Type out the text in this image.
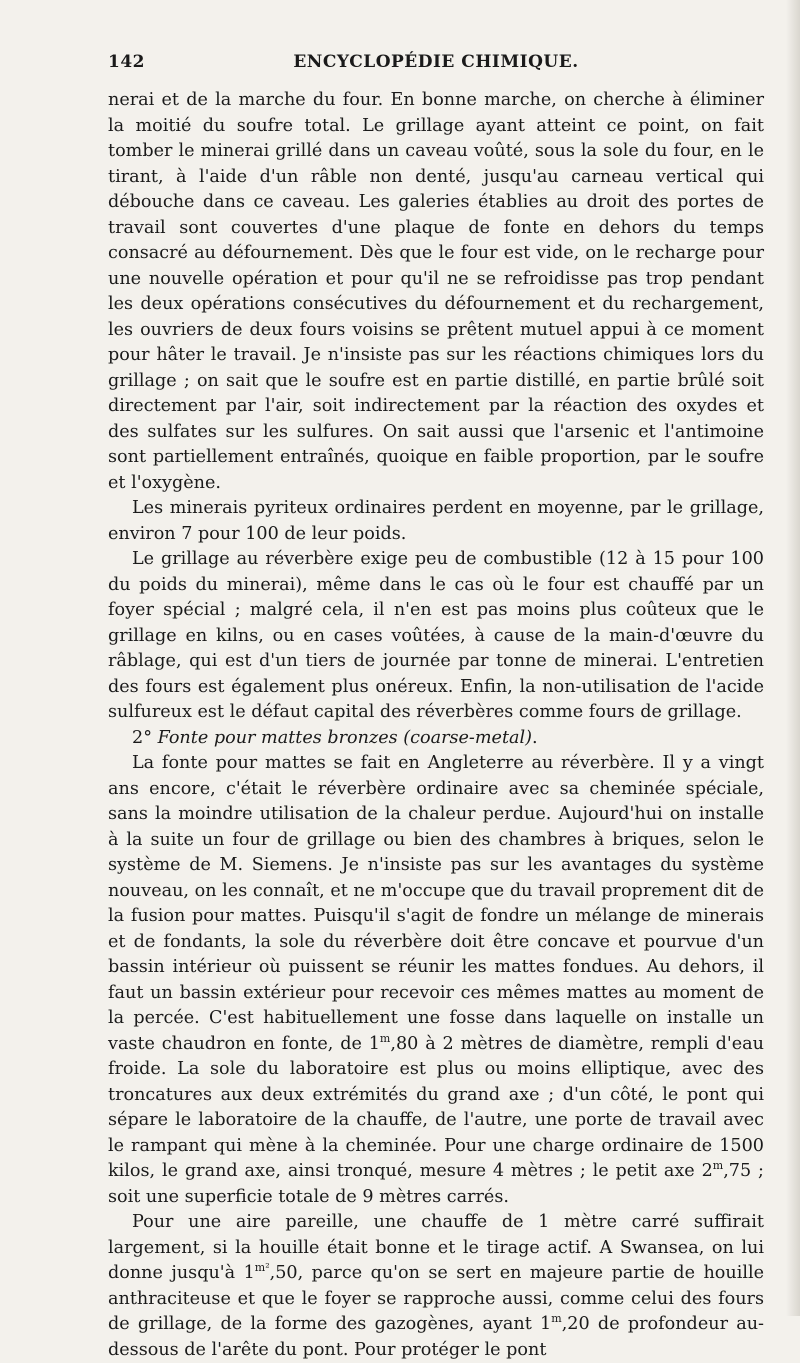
142	ENCYCLOPÉDIE CHIMIQUE.

nerai et de la marche du four. En bonne marche, on cherche à éliminer la moitié du soufre total. Le grillage ayant atteint ce point, on fait tomber le minerai grillé dans un caveau voûté, sous la sole du four, en le tirant, à l'aide d'un râble non denté, jusqu'au carneau vertical qui débouche dans ce caveau. Les galeries établies au droit des portes de travail sont couvertes d'une plaque de fonte en dehors du temps consacré au défournement. Dès que le four est vide, on le recharge pour une nouvelle opération et pour qu'il ne se refroidisse pas trop pendant les deux opérations consécutives du défournement et du rechargement, les ouvriers de deux fours voisins se prêtent mutuel appui à ce moment pour hâter le travail. Je n'insiste pas sur les réactions chimiques lors du grillage ; on sait que le soufre est en partie distillé, en partie brûlé soit directement par l'air, soit indirectement par la réaction des oxydes et des sulfates sur les sulfures. On sait aussi que l'arsenic et l'antimoine sont partiellement entraînés, quoique en faible proportion, par le soufre et l'oxygène.

Les minerais pyriteux ordinaires perdent en moyenne, par le grillage, environ 7 pour 100 de leur poids.

Le grillage au réverbère exige peu de combustible (12 à 15 pour 100 du poids du minerai), même dans le cas où le four est chauffé par un foyer spécial ; malgré cela, il n'en est pas moins plus coûteux que le grillage en kilns, ou en cases voûtées, à cause de la main-d'œuvre du râblage, qui est d'un tiers de journée par tonne de minerai. L'entretien des fours est également plus onéreux. Enfin, la non-utilisation de l'acide sulfureux est le défaut capital des réverbères comme fours de grillage.

2° Fonte pour mattes bronzes (coarse-metal).

La fonte pour mattes se fait en Angleterre au réverbère. Il y a vingt ans encore, c'était le réverbère ordinaire avec sa cheminée spéciale, sans la moindre utilisation de la chaleur perdue. Aujourd'hui on installe à la suite un four de grillage ou bien des chambres à briques, selon le système de M. Siemens. Je n'insiste pas sur les avantages du système nouveau, on les connaît, et ne m'occupe que du travail proprement dit de la fusion pour mattes. Puisqu'il s'agit de fondre un mélange de minerais et de fondants, la sole du réverbère doit être concave et pourvue d'un bassin intérieur où puissent se réunir les mattes fondues. Au dehors, il faut un bassin extérieur pour recevoir ces mêmes mattes au moment de la percée. C'est habituellement une fosse dans laquelle on installe un vaste chaudron en fonte, de 1$^m$,80 à 2 mètres de diamètre, rempli d'eau froide. La sole du laboratoire est plus ou moins elliptique, avec des troncatures aux deux extrémités du grand axe ; d'un côté, le pont qui sépare le laboratoire de la chauffe, de l'autre, une porte de travail avec le rampant qui mène à la cheminée. Pour une charge ordinaire de 1500 kilos, le grand axe, ainsi tronqué, mesure 4 mètres ; le petit axe 2$^m$,75 ; soit une superficie totale de 9 mètres carrés.

Pour une aire pareille, une chauffe de 1 mètre carré suffirait largement, si la houille était bonne et le tirage actif. A Swansea, on lui donne jusqu'à $1^{m^2},50$, parce qu'on se sert en majeure partie de houille anthraciteuse et que le foyer se rapproche aussi, comme celui des fours de grillage, de la forme des gazogènes, ayant 1$^m$,20 de profondeur au-dessous de l'arête du pont. Pour protéger le pont
